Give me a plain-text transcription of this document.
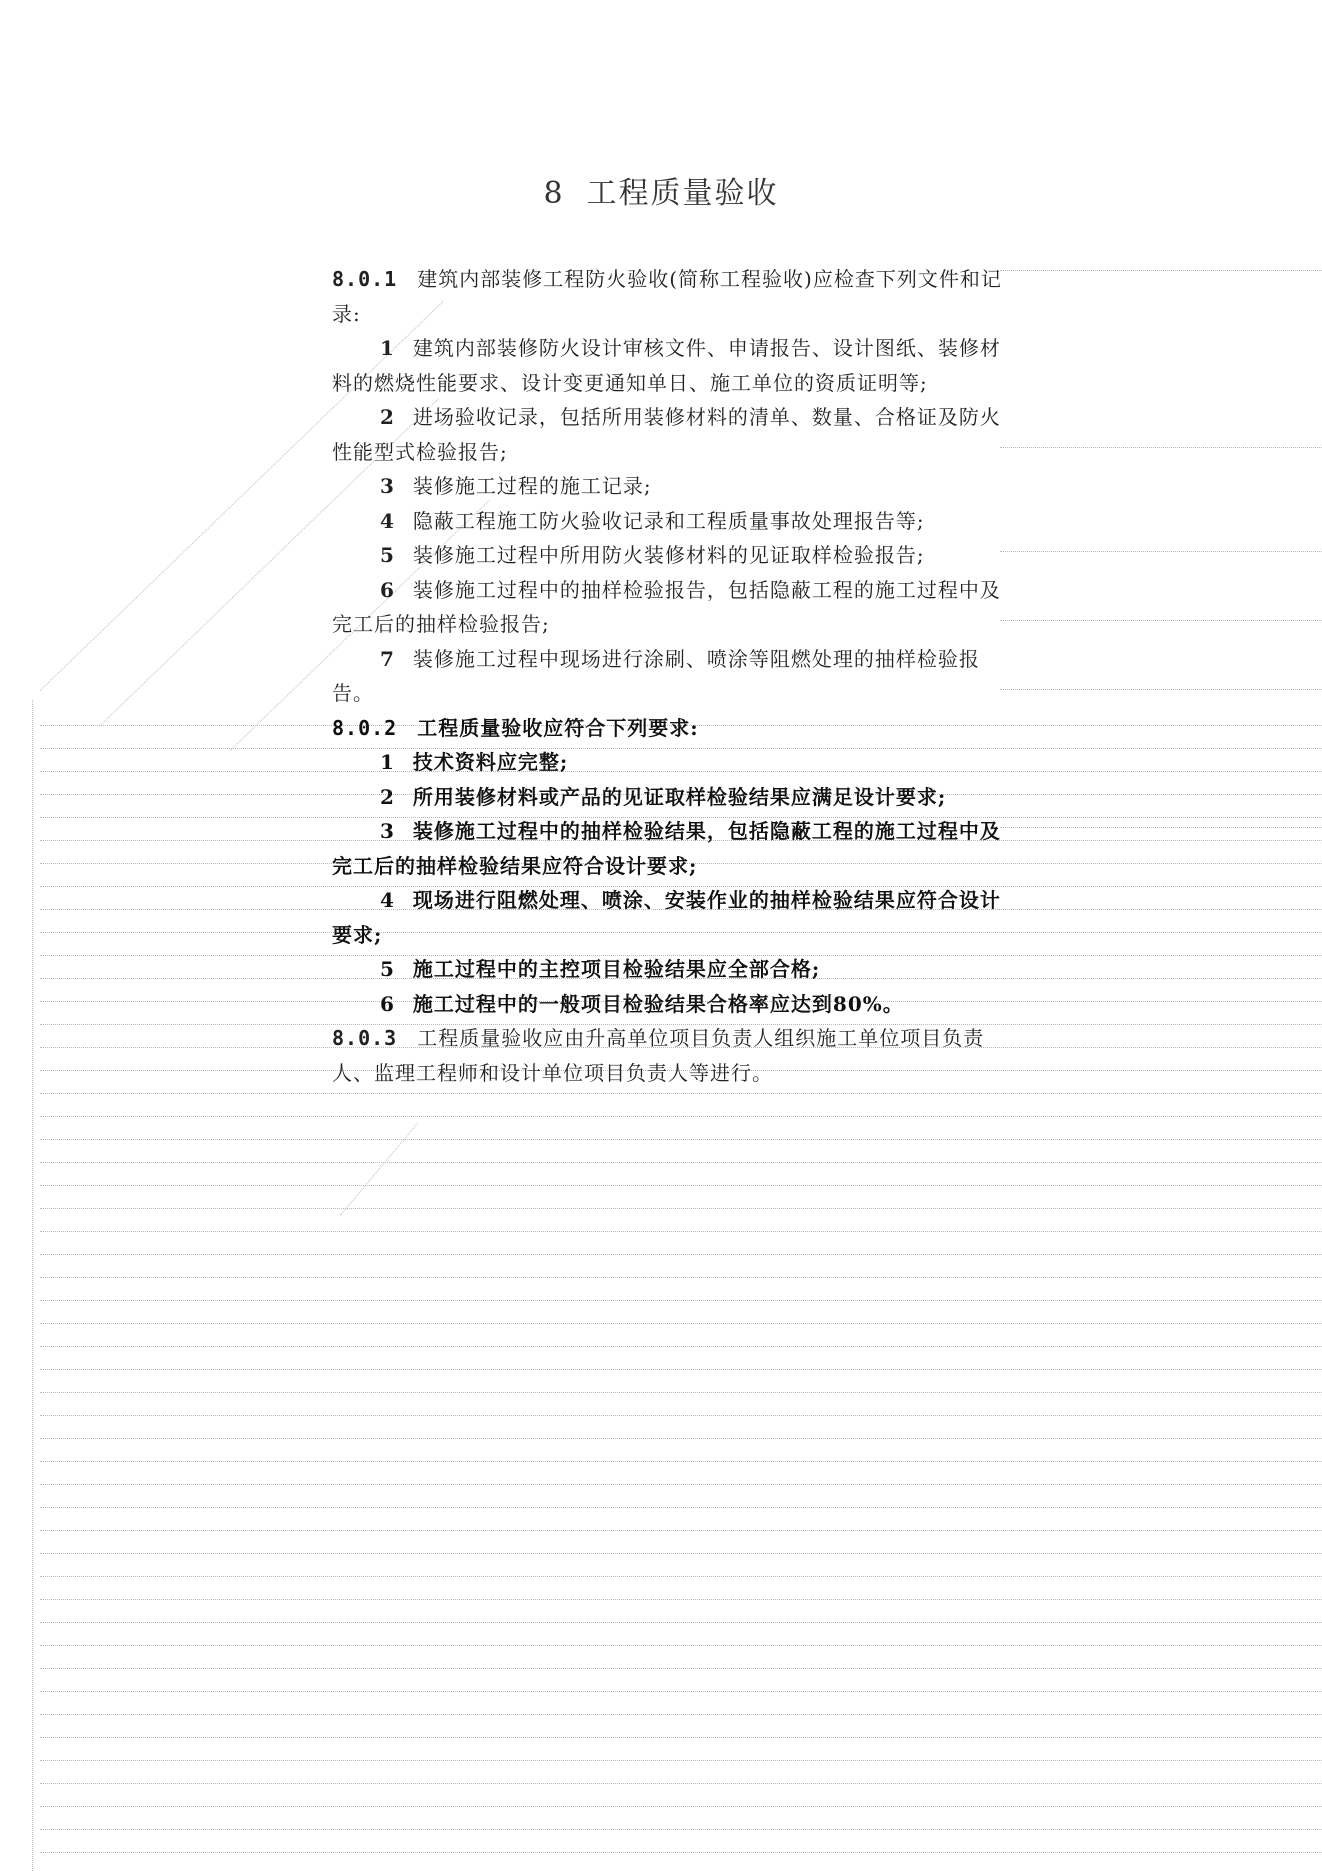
8 工程质量验收

8.0.1 建筑内部装修工程防火验收(简称工程验收)应检查下列文件和记录:

1 建筑内部装修防火设计审核文件、申请报告、设计图纸、装修材料的燃烧性能要求、设计变更通知单日、施工单位的资质证明等;

2 进场验收记录，包括所用装修材料的清单、数量、合格证及防火性能型式检验报告;

3 装修施工过程的施工记录;

4 隐蔽工程施工防火验收记录和工程质量事故处理报告等;

5 装修施工过程中所用防火装修材料的见证取样检验报告;

6 装修施工过程中的抽样检验报告，包括隐蔽工程的施工过程中及完工后的抽样检验报告;

7 装修施工过程中现场进行涂刷、喷涂等阻燃处理的抽样检验报告。

8.0.2 工程质量验收应符合下列要求:

1 技术资料应完整;

2 所用装修材料或产品的见证取样检验结果应满足设计要求;

3 装修施工过程中的抽样检验结果，包括隐蔽工程的施工过程中及完工后的抽样检验结果应符合设计要求;

4 现场进行阻燃处理、喷涂、安装作业的抽样检验结果应符合设计要求;

5 施工过程中的主控项目检验结果应全部合格;

6 施工过程中的一般项目检验结果合格率应达到80%。

8.0.3 工程质量验收应由升高单位项目负责人组织施工单位项目负责人、监理工程师和设计单位项目负责人等进行。
